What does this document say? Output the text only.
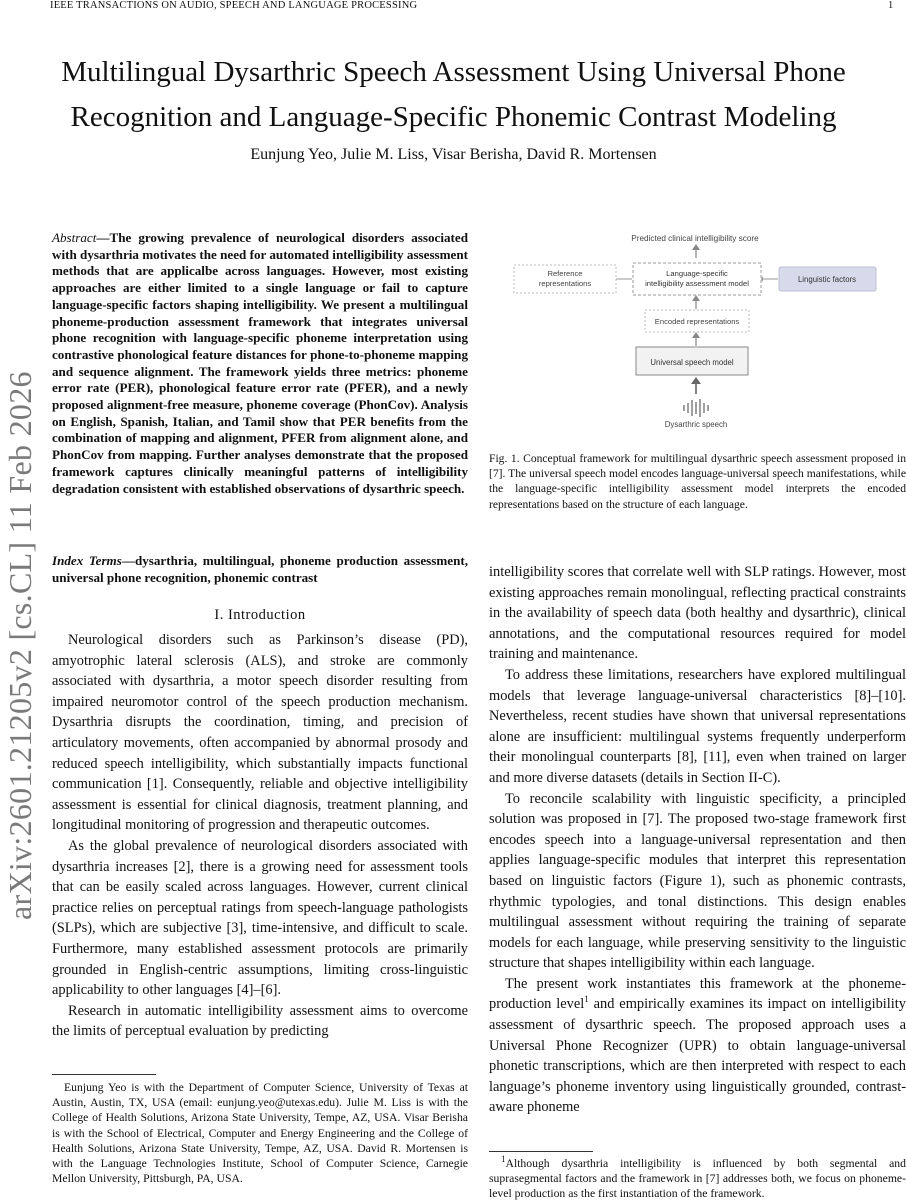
IEEE TRANSACTIONS ON AUDIO, SPEECH AND LANGUAGE PROCESSING	1
Multilingual Dysarthric Speech Assessment Using Universal Phone
Recognition and Language-Specific Phonemic Contrast Modeling
Eunjung Yeo, Julie M. Liss, Visar Berisha, David R. Mortensen
arXiv:2601.21205v2 [cs.CL] 11 Feb 2026
Abstract—The growing prevalence of neurological disorders associated with dysarthria motivates the need for automated intelligibility assessment methods that are applicalbe across languages. However, most existing approaches are either limited to a single language or fail to capture language-specific factors shaping intelligibility. We present a multilingual phoneme-production assessment framework that integrates universal phone recognition with language-specific phoneme interpretation using contrastive phonological feature distances for phone-to-phoneme mapping and sequence alignment. The framework yields three metrics: phoneme error rate (PER), phonological feature error rate (PFER), and a newly proposed alignment-free measure, phoneme coverage (PhonCov). Analysis on English, Spanish, Italian, and Tamil show that PER benefits from the combination of mapping and alignment, PFER from alignment alone, and PhonCov from mapping. Further analyses demonstrate that the proposed framework captures clinically meaningful patterns of intelligibility degradation consistent with established observations of dysarthric speech.
Index Terms—dysarthria, multilingual, phoneme production assessment, universal phone recognition, phonemic contrast
I. Introduction

Neurological disorders such as Parkinson’s disease (PD), amyotrophic lateral sclerosis (ALS), and stroke are commonly associated with dysarthria, a motor speech disorder resulting from impaired neuromotor control of the speech production mechanism. Dysarthria disrupts the coordination, timing, and precision of articulatory movements, often accompanied by abnormal prosody and reduced speech intelligibility, which substantially impacts functional communication [1]. Consequently, reliable and objective intelligibility assessment is essential for clinical diagnosis, treatment planning, and longitudinal monitoring of progression and therapeutic outcomes.

As the global prevalence of neurological disorders associated with dysarthria increases [2], there is a growing need for assessment tools that can be easily scaled across languages. However, current clinical practice relies on perceptual ratings from speech-language pathologists (SLPs), which are subjective [3], time-intensive, and difficult to scale. Furthermore, many established assessment protocols are primarily grounded in English-centric assumptions, limiting cross-linguistic applicability to other languages [4]–[6].

Research in automatic intelligibility assessment aims to overcome the limits of perceptual evaluation by predicting

Eunjung Yeo is with the Department of Computer Science, University of Texas at Austin, Austin, TX, USA (email: eunjung.yeo@utexas.edu). Julie M. Liss is with the College of Health Solutions, Arizona State University, Tempe, AZ, USA. Visar Berisha is with the School of Electrical, Computer and Energy Engineering and the College of Health Solutions, Arizona State University, Tempe, AZ, USA. David R. Mortensen is with the Language Technologies Institute, School of Computer Science, Carnegie Mellon University, Pittsburgh, PA, USA.
Predicted clinical intelligibility score
Reference
representations
Language-specific
intelligibility assessment model	Linguistic factors
Encoded representations
Universal speech model
Dysarthric speech
Fig. 1. Conceptual framework for multilingual dysarthric speech assessment proposed in [7]. The universal speech model encodes language-universal speech manifestations, while the language-specific intelligibility assessment model interprets the encoded representations based on the structure of each language.

intelligibility scores that correlate well with SLP ratings. However, most existing approaches remain monolingual, reflecting practical constraints in the availability of speech data (both healthy and dysarthric), clinical annotations, and the computational resources required for model training and maintenance.

To address these limitations, researchers have explored multilingual models that leverage language-universal characteristics [8]–[10]. Nevertheless, recent studies have shown that universal representations alone are insufficient: multilingual systems frequently underperform their monolingual counterparts [8], [11], even when trained on larger and more diverse datasets (details in Section II-C).

To reconcile scalability with linguistic specificity, a principled solution was proposed in [7]. The proposed two-stage framework first encodes speech into a language-universal representation and then applies language-specific modules that interpret this representation based on linguistic factors (Figure 1), such as phonemic contrasts, rhythmic typologies, and tonal distinctions. This design enables multilingual assessment without requiring the training of separate models for each language, while preserving sensitivity to the linguistic structure that shapes intelligibility within each language.

The present work instantiates this framework at the phoneme-production level$^1$ and empirically examines its impact on intelligibility assessment of dysarthric speech. The proposed approach uses a Universal Phone Recognizer (UPR) to obtain language-universal phonetic transcriptions, which are then interpreted with respect to each language’s phoneme inventory using linguistically grounded, contrast-aware phoneme

$^1$Although dysarthria intelligibility is influenced by both segmental and suprasegmental factors and the framework in [7] addresses both, we focus on phoneme-level production as the first instantiation of the framework.
